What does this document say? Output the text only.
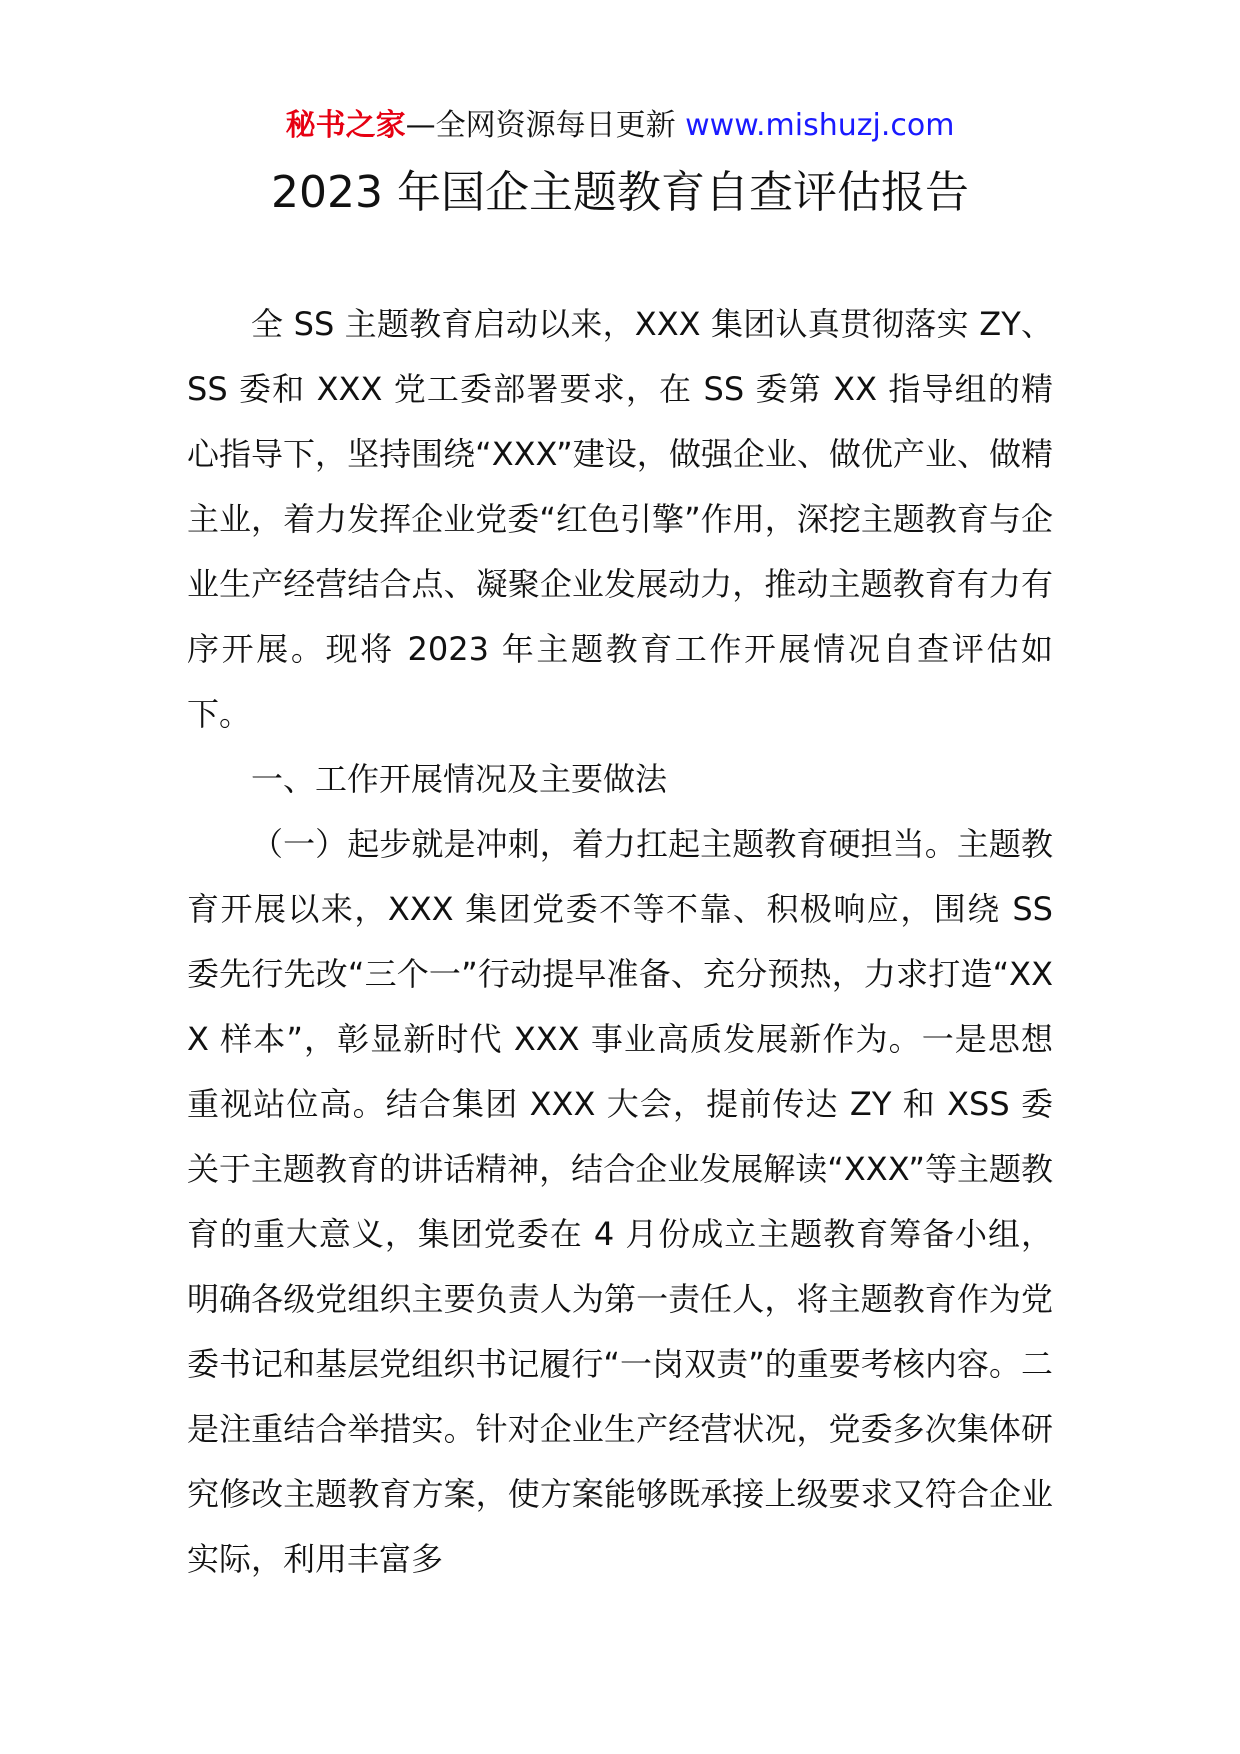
秘书之家—全网资源每日更新 www.mishuzj.com
2023 年国企主题教育自查评估报告

全 SS 主题教育启动以来，XXX 集团认真贯彻落实 ZY、SS 委和 XXX 党工委部署要求，在 SS 委第 XX 指导组的精心指导下，坚持围绕“XXX”建设，做强企业、做优产业、做精主业，着力发挥企业党委“红色引擎”作用，深挖主题教育与企业生产经营结合点、凝聚企业发展动力，推动主题教育有力有序开展。现将 2023 年主题教育工作开展情况自查评估如下。

一、工作开展情况及主要做法

（一）起步就是冲刺，着力扛起主题教育硬担当。主题教育开展以来，XXX 集团党委不等不靠、积极响应，围绕 SS 委先行先改“三个一”行动提早准备、充分预热，力求打造“XXX 样本”，彰显新时代 XXX 事业高质发展新作为。一是思想重视站位高。结合集团 XXX 大会，提前传达 ZY 和 XSS 委关于主题教育的讲话精神，结合企业发展解读“XXX”等主题教育的重大意义，集团党委在 4 月份成立主题教育筹备小组，明确各级党组织主要负责人为第一责任人，将主题教育作为党委书记和基层党组织书记履行“一岗双责”的重要考核内容。二是注重结合举措实。针对企业生产经营状况，党委多次集体研究修改主题教育方案，使方案能够既承接上级要求又符合企业实际，利用丰富多
